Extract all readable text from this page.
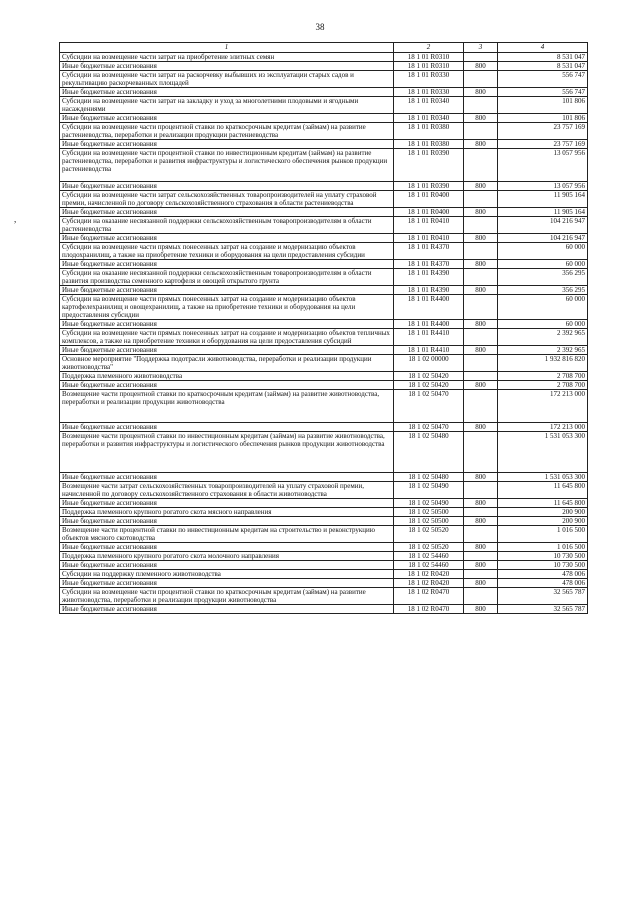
38
,
1	2	3	4
Субсидии на возмещение части затрат на приобретение элитных семян	18 1 01 R0310		8 531 047
Иные бюджетные ассигнования	18 1 01 R0310	800	8 531 047
Субсидии на возмещение части затрат на раскорчевку выбывших из эксплуатации старых садов и рекультивацию раскорчеванных площадей	18 1 01 R0330		556 747
Иные бюджетные ассигнования	18 1 01 R0330	800	556 747
Субсидии на возмещение части затрат на закладку и уход за многолетними плодовыми и ягодными насаждениями	18 1 01 R0340		101 806
Иные бюджетные ассигнования	18 1 01 R0340	800	101 806
Субсидии на возмещение части процентной ставки по краткосрочным кредитам (займам) на развитие растениеводства, переработки и реализации продукции растениеводства	18 1 01 R0380		23 757 169
Иные бюджетные ассигнования	18 1 01 R0380	800	23 757 169
Субсидии на возмещение части процентной ставки по инвестиционным кредитам (займам) на развитие растениеводства, переработки и развития инфраструктуры и логистического обеспечения рынков продукции растениеводства	18 1 01 R0390		13 057 956
Иные бюджетные ассигнования	18 1 01 R0390	800	13 057 956
Субсидии на возмещение части затрат сельскохозяйственных товаропроизводителей на уплату страховой премии, начисленной по договору сельскохозяйственного страхования в области растениеводства	18 1 01 R0400		11 905 164
Иные бюджетные ассигнования	18 1 01 R0400	800	11 905 164
Субсидии на оказание несвязанной поддержки сельскохозяйственным товаропроизводителям в области растениеводства	18 1 01 R0410		104 216 947
Иные бюджетные ассигнования	18 1 01 R0410	800	104 216 947
Субсидии на возмещение части прямых понесенных затрат на создание и модернизацию объектов плодохранилищ, а также на приобретение техники и оборудования на цели предоставления субсидии	18 1 01 R4370		60 000
Иные бюджетные ассигнования	18 1 01 R4370	800	60 000
Субсидии на оказание несвязанной поддержки сельскохозяйственным товаропроизводителям в области развития производства семенного картофеля и овощей открытого грунта	18 1 01 R4390		356 295
Иные бюджетные ассигнования	18 1 01 R4390	800	356 295
Субсидии на возмещение части прямых понесенных затрат на создание и модернизацию объектов картофелехранилищ и овощехранилищ, а также на приобретение техники и оборудования на цели предоставления субсидии	18 1 01 R4400		60 000
Иные бюджетные ассигнования	18 1 01 R4400	800	60 000
Субсидии на возмещение части прямых понесенных затрат на создание и модернизацию объектов тепличных комплексов, а также на приобретение техники и оборудования на цели предоставления субсидий	18 1 01 R4410		2 392 965
Иные бюджетные ассигнования	18 1 01 R4410	800	2 392 965
Основное мероприятие "Поддержка подотрасли животноводства, переработки и реализации продукции животноводства"	18 1 02 00000		1 932 816 820
Поддержка племенного животноводства	18 1 02 50420		2 708 700
Иные бюджетные ассигнования	18 1 02 50420	800	2 708 700
Возмещение части процентной ставки по краткосрочным кредитам (займам) на развитие животноводства, переработки и реализации продукции животноводства	18 1 02 50470		172 213 000
Иные бюджетные ассигнования	18 1 02 50470	800	172 213 000
Возмещение части процентной ставки по инвестиционным кредитам (займам) на развитие животноводства, переработки и развития инфраструктуры и логистического обеспечения рынков продукции животноводства	18 1 02 50480		1 531 053 300
Иные бюджетные ассигнования	18 1 02 50480	800	1 531 053 300
Возмещение части затрат сельскохозяйственных товаропроизводителей на уплату страховой премии, начисленной по договору сельскохозяйственного страхования в области животноводства	18 1 02 50490		11 645 800
Иные бюджетные ассигнования	18 1 02 50490	800	11 645 800
Поддержка племенного крупного рогатого скота мясного направления	18 1 02 50500		200 900
Иные бюджетные ассигнования	18 1 02 50500	800	200 900
Возмещение части процентной ставки по инвестиционным кредитам на строительство и реконструкцию объектов мясного скотоводства	18 1 02 50520		1 016 500
Иные бюджетные ассигнования	18 1 02 50520	800	1 016 500
Поддержка племенного крупного рогатого скота молочного направления	18 1 02 54460		10 730 500
Иные бюджетные ассигнования	18 1 02 54460	800	10 730 500
Субсидии на поддержку племенного животноводства	18 1 02 R0420		478 006
Иные бюджетные ассигнования	18 1 02 R0420	800	478 006
Субсидии на возмещение части процентной ставки по краткосрочным кредитам (займам) на развитие животноводства, переработки и реализации продукции животноводства	18 1 02 R0470		32 565 787
Иные бюджетные ассигнования	18 1 02 R0470	800	32 565 787
